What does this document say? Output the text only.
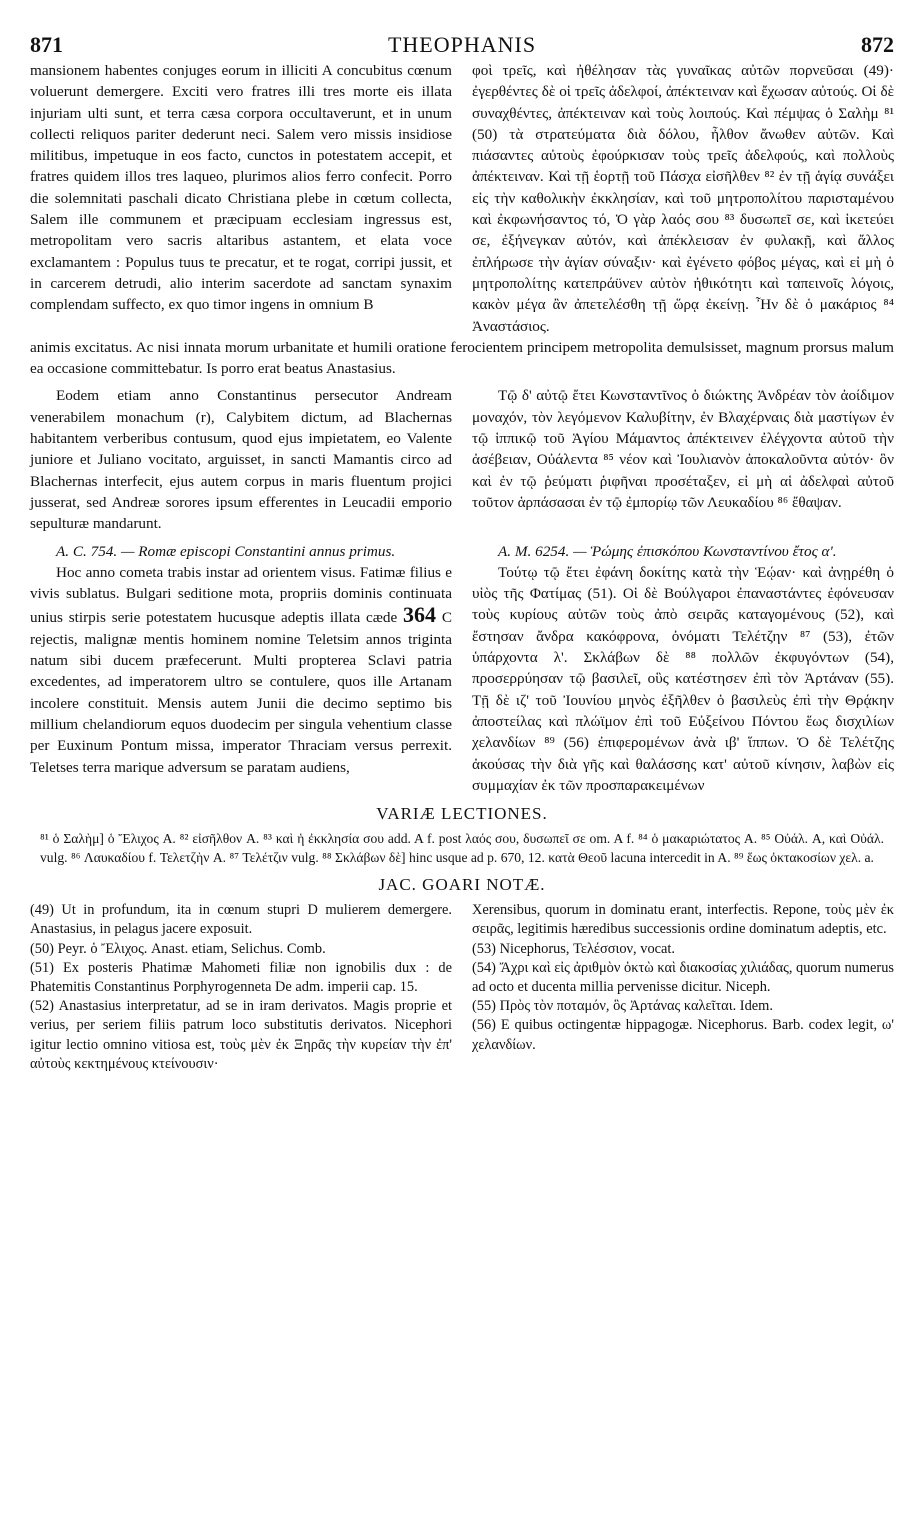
871	THEOPHANIS	872

mansionem habentes conjuges eorum in illiciti A concubitus cœnum voluerunt demergere. Exciti vero fratres illi tres morte eis illata injuriam ulti sunt, et terra cæsa corpora occultaverunt, et in unum collecti reliquos pariter dederunt neci. Salem vero missis insidiose militibus, impetuque in eos facto, cunctos in potestatem accepit, et fratres quidem illos tres laqueo, plurimos alios ferro confecit. Porro die solemnitati paschali dicato Christiana plebe in cœtum collecta, Salem ille communem et præcipuam ecclesiam ingressus est, metropolitam vero sacris altaribus astantem, et elata voce exclamantem : Populus tuus te precatur, et te rogat, corripi jussit, et in carcerem detrudi, alio interim sacerdote ad sanctam synaxim complendam suffecto, ex quo timor ingens in omnium B

φοὶ τρεῖς, καὶ ἠθέλησαν τὰς γυναῖκας αὐτῶν πορνεῦσαι (49)· ἐγερθέντες δὲ οἱ τρεῖς ἀδελφοί, ἀπέκτειναν καὶ ἔχωσαν αὐτούς. Οἱ δὲ συναχθέντες, ἀπέκτειναν καὶ τοὺς λοιπούς. Καὶ πέμψας ὁ Σαλὴμ ⁸¹ (50) τὰ στρατεύματα διὰ δόλου, ἦλθον ἄνωθεν αὐτῶν. Καὶ πιάσαντες αὐτοὺς ἐφούρκισαν τοὺς τρεῖς ἀδελφούς, καὶ πολλοὺς ἀπέκτειναν. Καὶ τῇ ἑορτῇ τοῦ Πάσχα εἰσῆλθεν ⁸² ἐν τῇ ἁγίᾳ συνάξει εἰς τὴν καθολικὴν ἐκκλησίαν, καὶ τοῦ μητροπολίτου παρισταμένου καὶ ἐκφωνήσαντος τό, Ὁ γὰρ λαός σου ⁸³ δυσωπεῖ σε, καὶ ἱκετεύει σε, ἐξήνεγκαν αὐτόν, καὶ ἀπέκλεισαν ἐν φυλακῇ, καὶ ἄλλος ἐπλήρωσε τὴν ἁγίαν σύναξιν· καὶ ἐγένετο φόβος μέγας, καὶ εἰ μὴ ὁ μητροπολίτης κατεπράϋνεν αὐτὸν ἠθικότητι καὶ ταπεινοῖς λόγοις, κακὸν μέγα ἂν ἀπετελέσθη τῇ ὥρᾳ ἐκείνῃ. Ἦν δὲ ὁ μακάριος ⁸⁴ Ἀναστάσιος.

animis excitatus. Ac nisi innata morum urbanitate et humili oratione ferocientem principem metropolita demulsisset, magnum prorsus malum ea occasione committebatur. Is porro erat beatus Anastasius.

Eodem etiam anno Constantinus persecutor Andream venerabilem monachum (r), Calybitem dictum, ad Blachernas habitantem verberibus contusum, quod ejus impietatem, eo Valente juniore et Juliano vocitato, arguisset, in sancti Mamantis circo ad Blachernas interfecit, ejus autem corpus in maris fluentum projici jusserat, sed Andreæ sorores ipsum efferentes in Leucadii emporio sepulturæ mandarunt.

Τῷ δ' αὐτῷ ἔτει Κωνσταντῖνος ὁ διώκτης Ἀνδρέαν τὸν ἀοίδιμον μοναχόν, τὸν λεγόμενον Καλυβίτην, ἐν Βλαχέρναις διὰ μαστίγων ἐν τῷ ἱππικῷ τοῦ Ἁγίου Μάμαντος ἀπέκτεινεν ἐλέγχοντα αὐτοῦ τὴν ἀσέβειαν, Οὐάλεντα ⁸⁵ νέον καὶ Ἰουλιανὸν ἀποκαλοῦντα αὐτόν· ὃν καὶ ἐν τῷ ῥεύματι ῥιφῆναι προσέταξεν, εἰ μὴ αἱ ἀδελφαὶ αὐτοῦ τοῦτον ἁρπάσασαι ἐν τῷ ἐμπορίῳ τῶν Λευκαδίου ⁸⁶ ἔθαψαν.

A. C. 754. — Romæ episcopi Constantini annus primus.

Hoc anno cometa trabis instar ad orientem visus. Fatimæ filius e vivis sublatus. Bulgari seditione mota, propriis dominis continuata unius stirpis serie potestatem hucusque adeptis illata cæde 364 C rejectis, malignæ mentis hominem nomine Teletsim annos triginta natum sibi ducem præfecerunt. Multi propterea Sclavi patria excedentes, ad imperatorem ultro se contulere, quos ille Artanam incolere constituit. Mensis autem Junii die decimo septimo bis millium chelandiorum equos duodecim per singula vehentium classe per Euxinum Pontum missa, imperator Thraciam versus perrexit. Teletses terra marique adversum se paratam audiens,

A. M. 6254. — Ῥώμης ἐπισκόπου Κωνσταντίνου ἔτος α'.

Τούτῳ τῷ ἔτει ἐφάνη δοκίτης κατὰ τὴν Ἑῴαν· καὶ ἀνῃρέθη ὁ υἱὸς τῆς Φατίμας (51). Οἱ δὲ Βούλγαροι ἐπαναστάντες ἐφόνευσαν τοὺς κυρίους αὐτῶν τοὺς ἀπὸ σειρᾶς καταγομένους (52), καὶ ἔστησαν ἄνδρα κακόφρονα, ὀνόματι Τελέτζην ⁸⁷ (53), ἐτῶν ὑπάρχοντα λ'. Σκλάβων δὲ ⁸⁸ πολλῶν ἐκφυγόντων (54), προσερρύησαν τῷ βασιλεῖ, οὓς κατέστησεν ἐπὶ τὸν Ἀρτάναν (55). Τῇ δὲ ιζ' τοῦ Ἰουνίου μηνὸς ἐξῆλθεν ὁ βασιλεὺς ἐπὶ τὴν Θρᾴκην ἀποστείλας καὶ πλώϊμον ἐπὶ τοῦ Εὐξείνου Πόντου ἕως δισχιλίων χελανδίων ⁸⁹ (56) ἐπιφερομένων ἀνὰ ιβ' ἵππων. Ὁ δὲ Τελέτζης ἀκούσας τὴν διὰ γῆς καὶ θαλάσσης κατ' αὐτοῦ κίνησιν, λαβὼν εἰς συμμαχίαν ἐκ τῶν προσπαρακειμένων

VARIÆ LECTIONES.

⁸¹ ὁ Σαλὴμ] ὁ Ἔλιχος A. ⁸² εἰσῆλθον A. ⁸³ καὶ ἡ ἐκκλησία σου add. A f. post λαός σου, δυσωπεῖ σε om. A f. ⁸⁴ ὁ μακαριώτατος A. ⁸⁵ Οὐάλ. A, καὶ Οὐάλ. vulg. ⁸⁶ Λαυκαδίου f. Τελετζὴν A. ⁸⁷ Τελέτζιν vulg. ⁸⁸ Σκλάβων δὲ] hinc usque ad p. 670, 12. κατὰ Θεοῦ lacuna intercedit in A. ⁸⁹ ἕως ὀκτακοσίων χελ. a.

JAC. GOARI NOTÆ.

(49) Ut in profundum, ita in cœnum stupri D mulierem demergere. Anastasius, in pelagus jacere exposuit.

(50) Peyr. ὁ Ἔλιχος. Anast. etiam, Selichus. Comb.

(51) Ex posteris Phatimæ Mahometi filiæ non ignobilis dux : de Phatemitis Constantinus Porphyrogenneta De adm. imperii cap. 15.

(52) Anastasius interpretatur, ad se in iram derivatos. Magis proprie et verius, per seriem filiis patrum loco substitutis derivatos. Nicephori igitur lectio omnino vitiosa est, τοὺς μὲν ἐκ Ξηρᾶς τὴν κυρείαν τὴν ἐπ' αὐτοὺς κεκτημένους κτείνουσιν·

Xerensibus, quorum in dominatu erant, interfectis. Repone, τοὺς μὲν ἐκ σειρᾶς, legitimis hæredibus successionis ordine dominatum adeptis, etc.

(53) Nicephorus, Τελέσσιον, vocat.

(54) Ἄχρι καὶ εἰς ἀριθμὸν ὀκτὼ καὶ διακοσίας χιλιάδας, quorum numerus ad octo et ducenta millia pervenisse dicitur. Niceph.

(55) Πρὸς τὸν ποταμόν, ὃς Ἀρτάνας καλεῖται. Idem.

(56) E quibus octingentæ hippagogæ. Nicephorus. Barb. codex legit, ω' χελανδίων.
